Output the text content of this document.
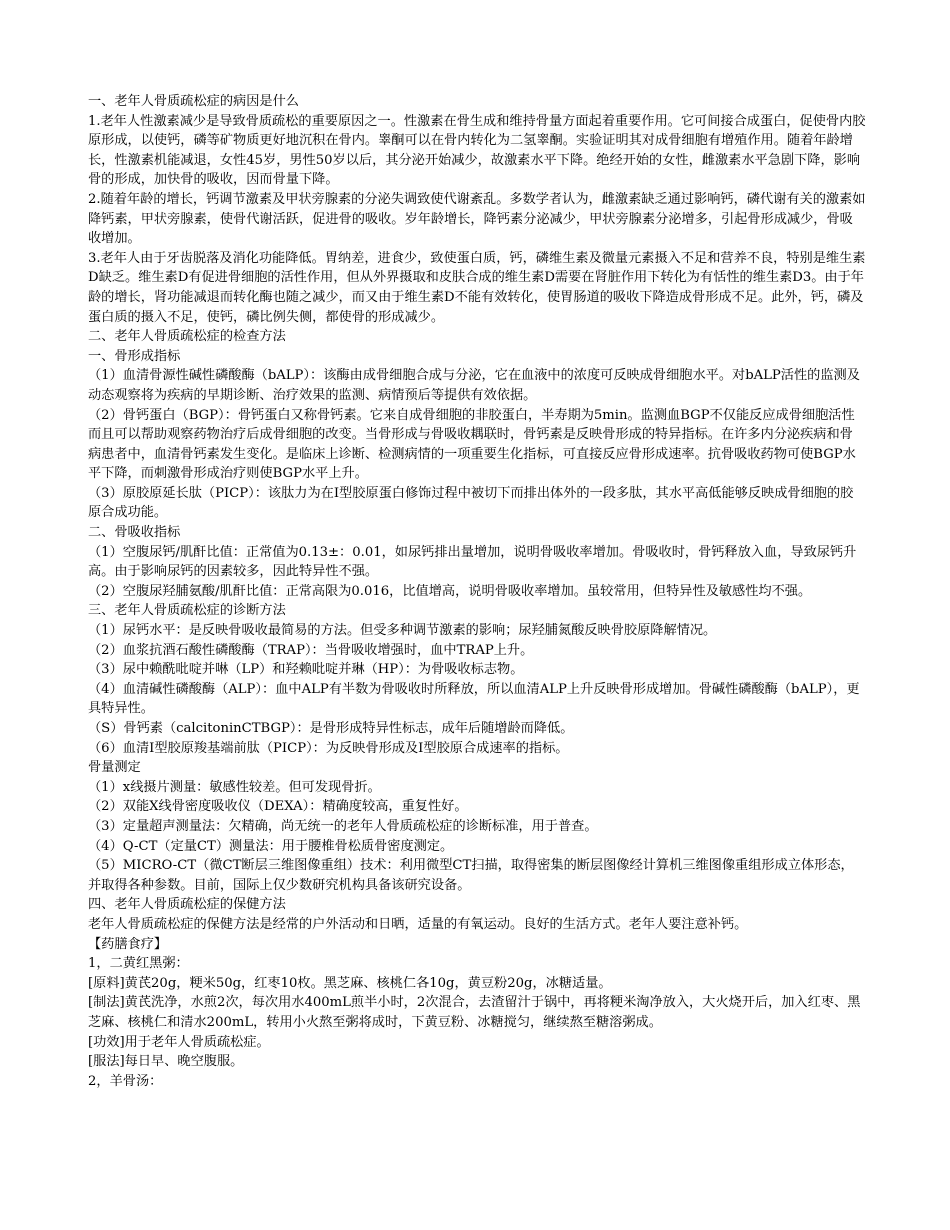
一、老年人骨质疏松症的病因是什么

1.老年人性激素减少是导致骨质疏松的重要原因之一。性激素在骨生成和维持骨量方面起着重要作用。它可间接合成蛋白，促使骨内胶原形成，以使钙，磷等矿物质更好地沉积在骨内。睾酮可以在骨内转化为二氢睾酮。实验证明其对成骨细胞有增殖作用。随着年龄增长，性激素机能减退，女性45岁，男性50岁以后，其分泌开始减少，故激素水平下降。绝经开始的女性，雌激素水平急剧下降，影响骨的形成，加快骨的吸收，因而骨量下降。

2.随着年龄的增长，钙调节激素及甲状旁腺素的分泌失调致使代谢紊乱。多数学者认为，雌激素缺乏通过影响钙，磷代谢有关的激素如降钙素，甲状旁腺素，使骨代谢活跃，促进骨的吸收。岁年龄增长，降钙素分泌减少，甲状旁腺素分泌增多，引起骨形成减少，骨吸收增加。

3.老年人由于牙齿脱落及消化功能降低。胃纳差，进食少，致使蛋白质，钙，磷维生素及微量元素摄入不足和营养不良，特别是维生素D缺乏。维生素D有促进骨细胞的活性作用，但从外界摄取和皮肤合成的维生素D需要在肾脏作用下转化为有恬性的维生素D3。由于年龄的增长，肾功能减退而转化酶也随之减少，而又由于维生素D不能有效转化，使胃肠道的吸收下降造成骨形成不足。此外，钙，磷及蛋白质的摄入不足，使钙，磷比例失侧，都使骨的形成减少。

二、老年人骨质疏松症的检查方法

一、骨形成指标

（1）血清骨源性碱性磷酸酶（bALP）：该酶由成骨细胞合成与分泌，它在血液中的浓度可反映成骨细胞水平。对bALP活性的监测及动态观察将为疾病的早期诊断、治疗效果的监测、病情预后等提供有效依据。

（2）骨钙蛋白（BGP）：骨钙蛋白又称骨钙素。它来自成骨细胞的非胶蛋白，半寿期为5min。监测血BGP不仅能反应成骨细胞活性而且可以帮助观察药物治疗后成骨细胞的改变。当骨形成与骨吸收耦联时，骨钙素是反映骨形成的特异指标。在许多内分泌疾病和骨病患者中，血清骨钙素发生变化。是临床上诊断、检测病情的一项重要生化指标，可直接反应骨形成速率。抗骨吸收药物可使BGP水平下降，而刺激骨形成治疗则使BGP水平上升。

（3）原胶原延长肽（PICP）：该肽力为在Ⅰ型胶原蛋白修饰过程中被切下而排出体外的一段多肽，其水平高低能够反映成骨细胞的胶原合成功能。

二、骨吸收指标

（1）空腹尿钙/肌酐比值：正常值为0.13±：0.01，如尿钙排出量增加，说明骨吸收率增加。骨吸收时，骨钙释放入血，导致尿钙升高。由于影响尿钙的因素较多，因此特异性不强。

（2）空腹尿羟脯氨酸/肌酐比值：正常高限为0.016，比值增高，说明骨吸收率增加。虽较常用，但特异性及敏感性均不强。

三、老年人骨质疏松症的诊断方法

（1）尿钙水平：是反映骨吸收最简易的方法。但受多种调节激素的影响；尿羟脯氮酸反映骨胶原降解情况。

（2）血浆抗酒石酸性磷酸酶（TRAP）：当骨吸收增强时，血中TRAP上升。

（3）尿中赖酰吡啶并啉（LP）和羟赖吡啶并琳（HP）：为骨吸收标志物。

（4）血清碱性磷酸酶（ALP）：血中ALP有半数为骨吸收时所释放，所以血清ALP上升反映骨形成增加。骨碱性磷酸酶（bALP），更具特异性。

（S）骨钙素（calcitoninCTBGP）：是骨形成特异性标志，成年后随增龄而降低。

（6）血清Ⅰ型胶原羧基端前肽（PICP）：为反映骨形成及Ⅰ型胶原合成速率的指标。

骨量测定

（1）x线摄片测量：敏感性较差。但可发现骨折。

（2）双能X线骨密度吸收仪（DEXA）：精确度较高，重复性好。

（3）定量超声测量法：欠精确，尚无统一的老年人骨质疏松症的诊断标准，用于普查。

（4）Q-CT（定量CT）测量法：用于腰椎骨松质骨密度测定。

（5）MICRO-CT（微CT断层三维图像重组）技术：利用微型CT扫描，取得密集的断层图像经计算机三维图像重组形成立体形态，并取得各种参数。目前，国际上仅少数研究机构具备该研究设备。

四、老年人骨质疏松症的保健方法

老年人骨质疏松症的保健方法是经常的户外活动和日晒，适量的有氧运动。良好的生活方式。老年人要注意补钙。

【药膳食疗】

1，二黄红黑粥：

[原料]黄芪20g，粳米50g，红枣10枚。黑芝麻、核桃仁各10g，黄豆粉20g，冰糖适量。

[制法]黄芪洗净，水煎2次，每次用水400mL煎半小时，2次混合，去渣留汁于锅中，再将粳米淘净放入，大火烧开后，加入红枣、黑芝麻、核桃仁和清水200mL，转用小火熬至粥将成时，下黄豆粉、冰糖搅匀，继续熬至糖溶粥成。

[功效]用于老年人骨质疏松症。

[服法]每日早、晚空腹服。

2，羊骨汤：
